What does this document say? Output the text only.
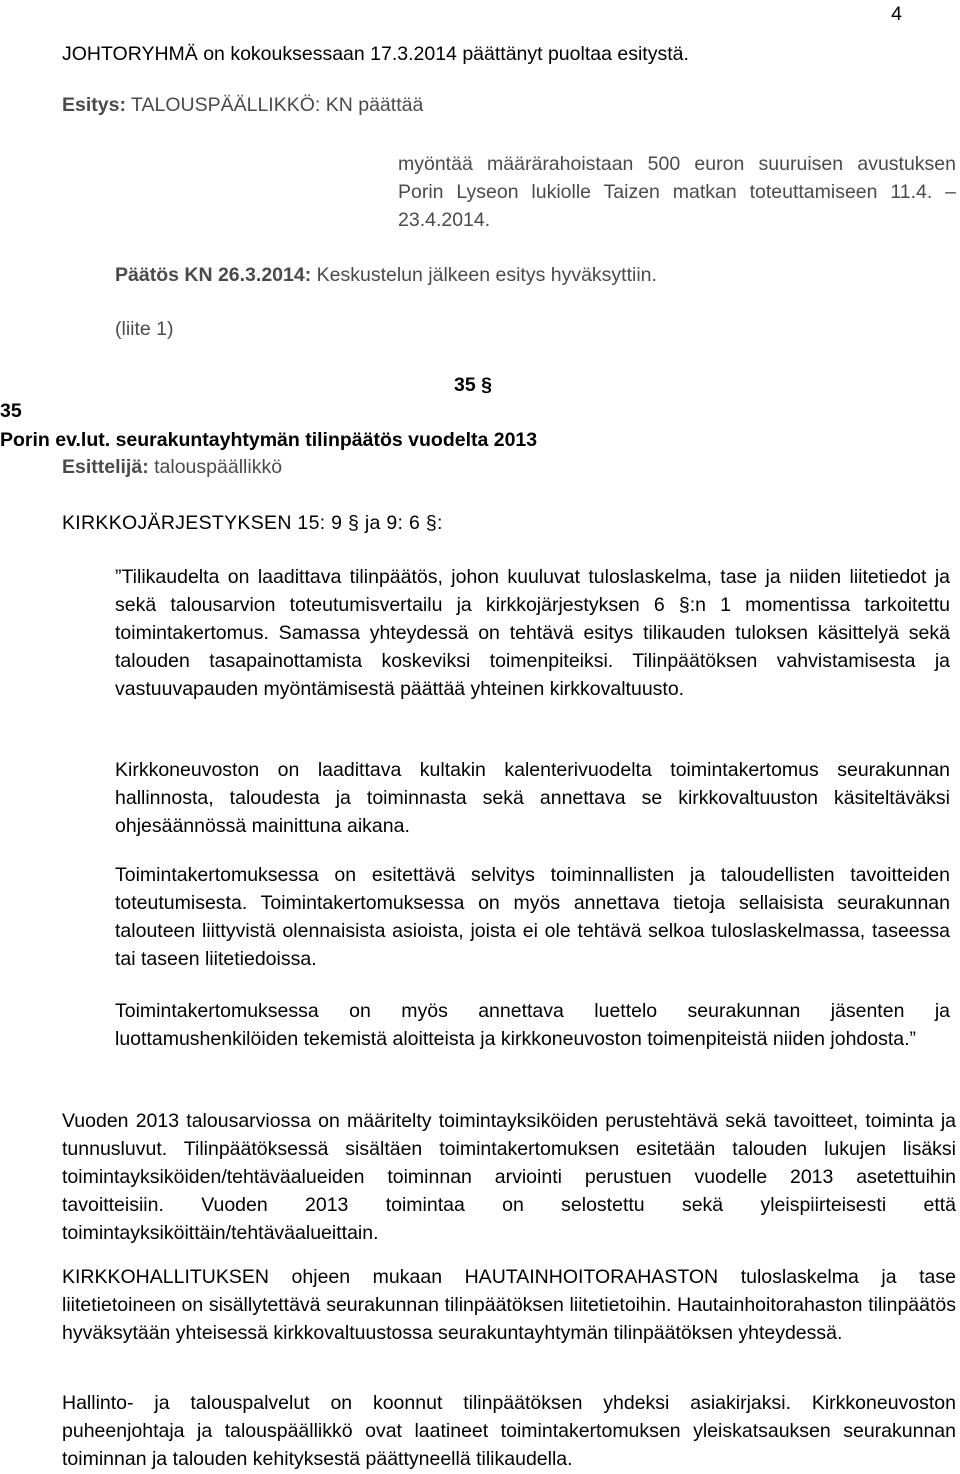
4

JOHTORYHMÄ on kokouksessaan 17.3.2014 päättänyt puoltaa esitystä.

Esitys: TALOUSPÄÄLLIKKÖ: KN päättää

myöntää määrärahoistaan 500 euron suuruisen avustuksen Porin Lyseon lukiolle Taizen matkan toteuttamiseen 11.4. – 23.4.2014.

Päätös KN 26.3.2014: Keskustelun jälkeen esitys hyväksyttiin.

(liite 1)

35 §

35

Porin ev.lut. seurakuntayhtymän tilinpäätös vuodelta 2013

Esittelijä: talouspäällikkö

KIRKKOJÄRJESTYKSEN 15: 9 § ja 9: 6 §:

”Tilikaudelta on laadittava tilinpäätös, johon kuuluvat tuloslaskelma, tase ja niiden liitetiedot ja sekä talousarvion toteutumisvertailu ja kirkkojärjestyksen 6 §:n 1 momentissa tarkoitettu toimintakertomus. Samassa yhteydessä on tehtävä esitys tilikauden tuloksen käsittelyä sekä talouden tasapainottamista koskeviksi toimenpiteiksi. Tilinpäätöksen vahvistamisesta ja vastuuvapauden myöntämisestä päättää yhteinen kirkkovaltuusto.

Kirkkoneuvoston on laadittava kultakin kalenterivuodelta toimintakertomus seurakunnan hallinnosta, taloudesta ja toiminnasta sekä annettava se kirkkovaltuuston käsiteltäväksi ohjesäännössä mainittuna aikana.

Toimintakertomuksessa on esitettävä selvitys toiminnallisten ja taloudellisten tavoitteiden toteutumisesta. Toimintakertomuksessa on myös annettava tietoja sellaisista seurakunnan talouteen liittyvistä olennaisista asioista, joista ei ole tehtävä selkoa tuloslaskelmassa, taseessa tai taseen liitetiedoissa.

Toimintakertomuksessa on myös annettava luettelo seurakunnan jäsenten ja luottamushenkilöiden tekemistä aloitteista ja kirkkoneuvoston toimenpiteistä niiden johdosta.”

Vuoden 2013 talousarviossa on määritelty toimintayksiköiden perustehtävä sekä tavoitteet, toiminta ja tunnusluvut. Tilinpäätöksessä sisältäen toimintakertomuksen esitetään talouden lukujen lisäksi toimintayksiköiden/tehtäväalueiden toiminnan arviointi perustuen vuodelle 2013 asetettuihin tavoitteisiin. Vuoden 2013 toimintaa on selostettu sekä yleispiirteisesti että toimintayksiköittäin/tehtäväalueittain.

KIRKKOHALLITUKSEN ohjeen mukaan HAUTAINHOITORAHASTON tuloslaskelma ja tase liitetietoineen on sisällytettävä seurakunnan tilinpäätöksen liitetietoihin. Hautainhoitorahaston tilinpäätös hyväksytään yhteisessä kirkkovaltuustossa seurakuntayhtymän tilinpäätöksen yhteydessä.

Hallinto- ja talouspalvelut on koonnut tilinpäätöksen yhdeksi asiakirjaksi. Kirkkoneuvoston puheenjohtaja ja talouspäällikkö ovat laatineet toimintakertomuksen yleiskatsauksen seurakunnan toiminnan ja talouden kehityksestä päättyneellä tilikaudella.
